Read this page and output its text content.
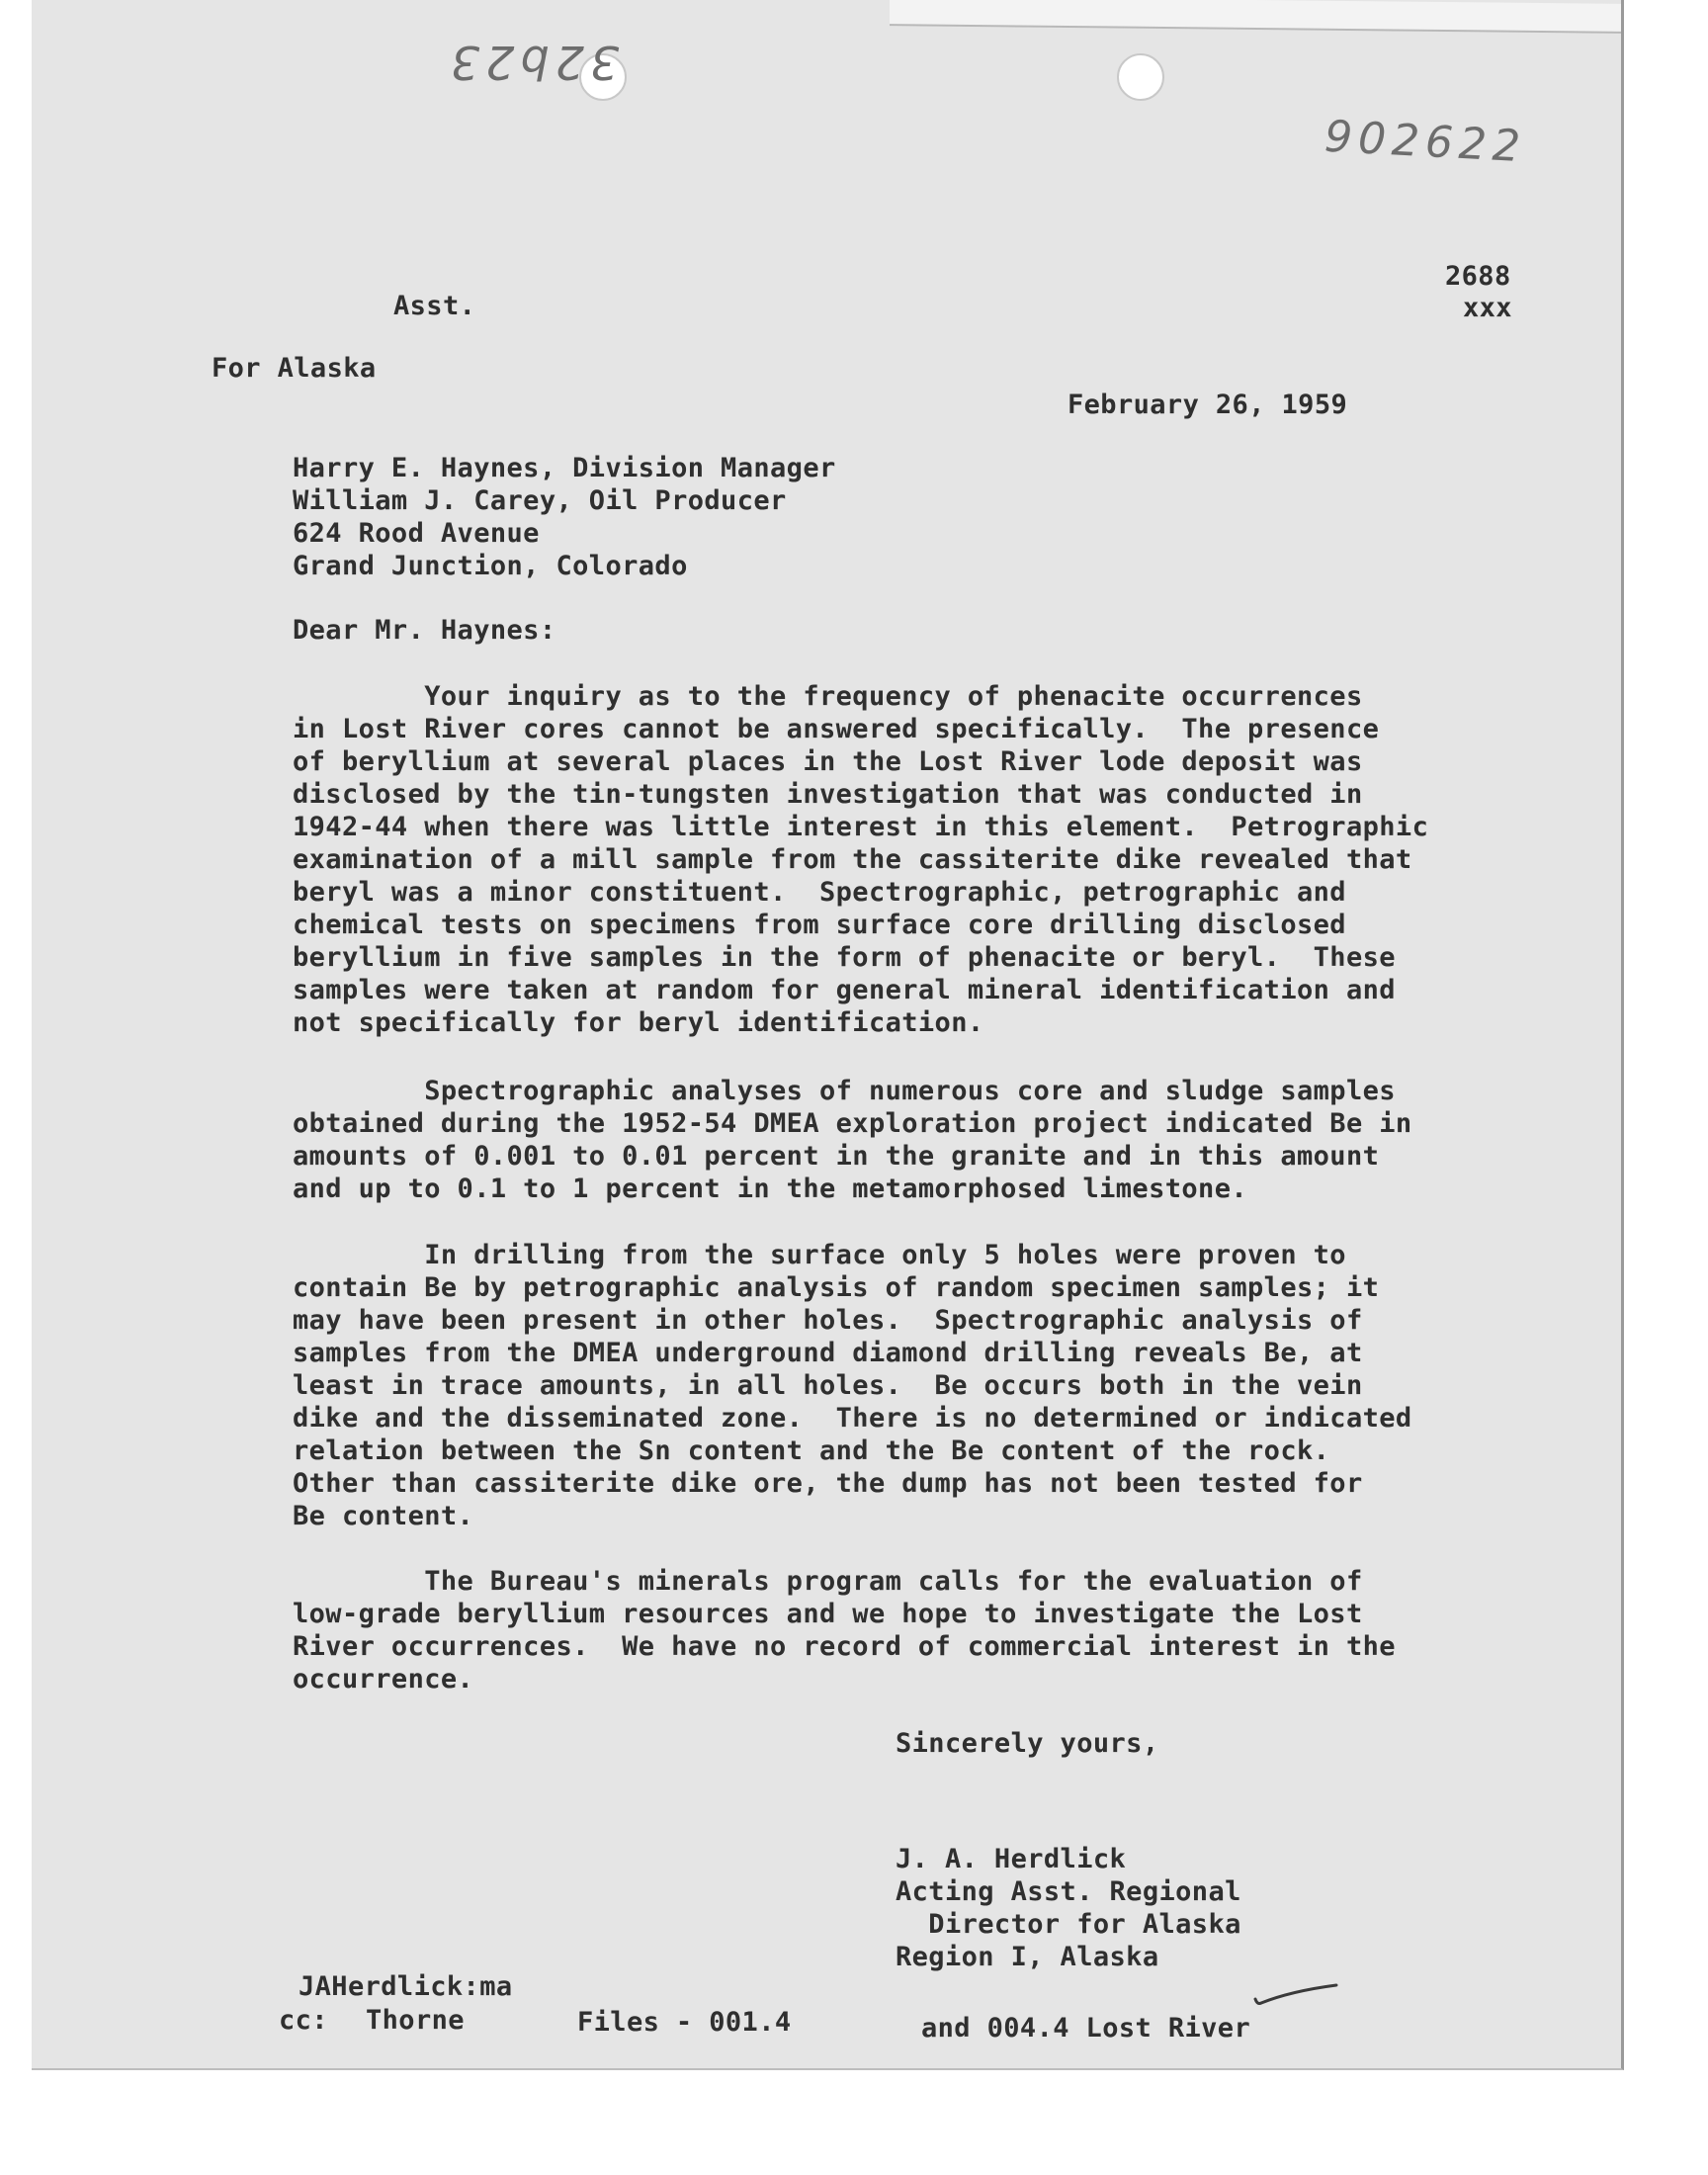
32b23
902622
2688
xxx
Asst.
For Alaska
February 26, 1959
Harry E. Haynes, Division Manager
William J. Carey, Oil Producer
624 Rood Avenue
Grand Junction, Colorado
Dear Mr. Haynes:
Your inquiry as to the frequency of phenacite occurrences
in Lost River cores cannot be answered specifically.  The presence
of beryllium at several places in the Lost River lode deposit was
disclosed by the tin-tungsten investigation that was conducted in
1942-44 when there was little interest in this element.  Petrographic
examination of a mill sample from the cassiterite dike revealed that
beryl was a minor constituent.  Spectrographic, petrographic and
chemical tests on specimens from surface core drilling disclosed
beryllium in five samples in the form of phenacite or beryl.  These
samples were taken at random for general mineral identification and
not specifically for beryl identification.
Spectrographic analyses of numerous core and sludge samples
obtained during the 1952-54 DMEA exploration project indicated Be in
amounts of 0.001 to 0.01 percent in the granite and in this amount
and up to 0.1 to 1 percent in the metamorphosed limestone.
In drilling from the surface only 5 holes were proven to
contain Be by petrographic analysis of random specimen samples; it
may have been present in other holes.  Spectrographic analysis of
samples from the DMEA underground diamond drilling reveals Be, at
least in trace amounts, in all holes.  Be occurs both in the vein
dike and the disseminated zone.  There is no determined or indicated
relation between the Sn content and the Be content of the rock.
Other than cassiterite dike ore, the dump has not been tested for
Be content.
The Bureau's minerals program calls for the evaluation of
low-grade beryllium resources and we hope to investigate the Lost
River occurrences.  We have no record of commercial interest in the
occurrence.
Sincerely yours,
J. A. Herdlick
Acting Asst. Regional
Director for Alaska
Region I, Alaska
JAHerdlick:ma
cc: Thorne	Files - 001.4	and 004.4 Lost River
